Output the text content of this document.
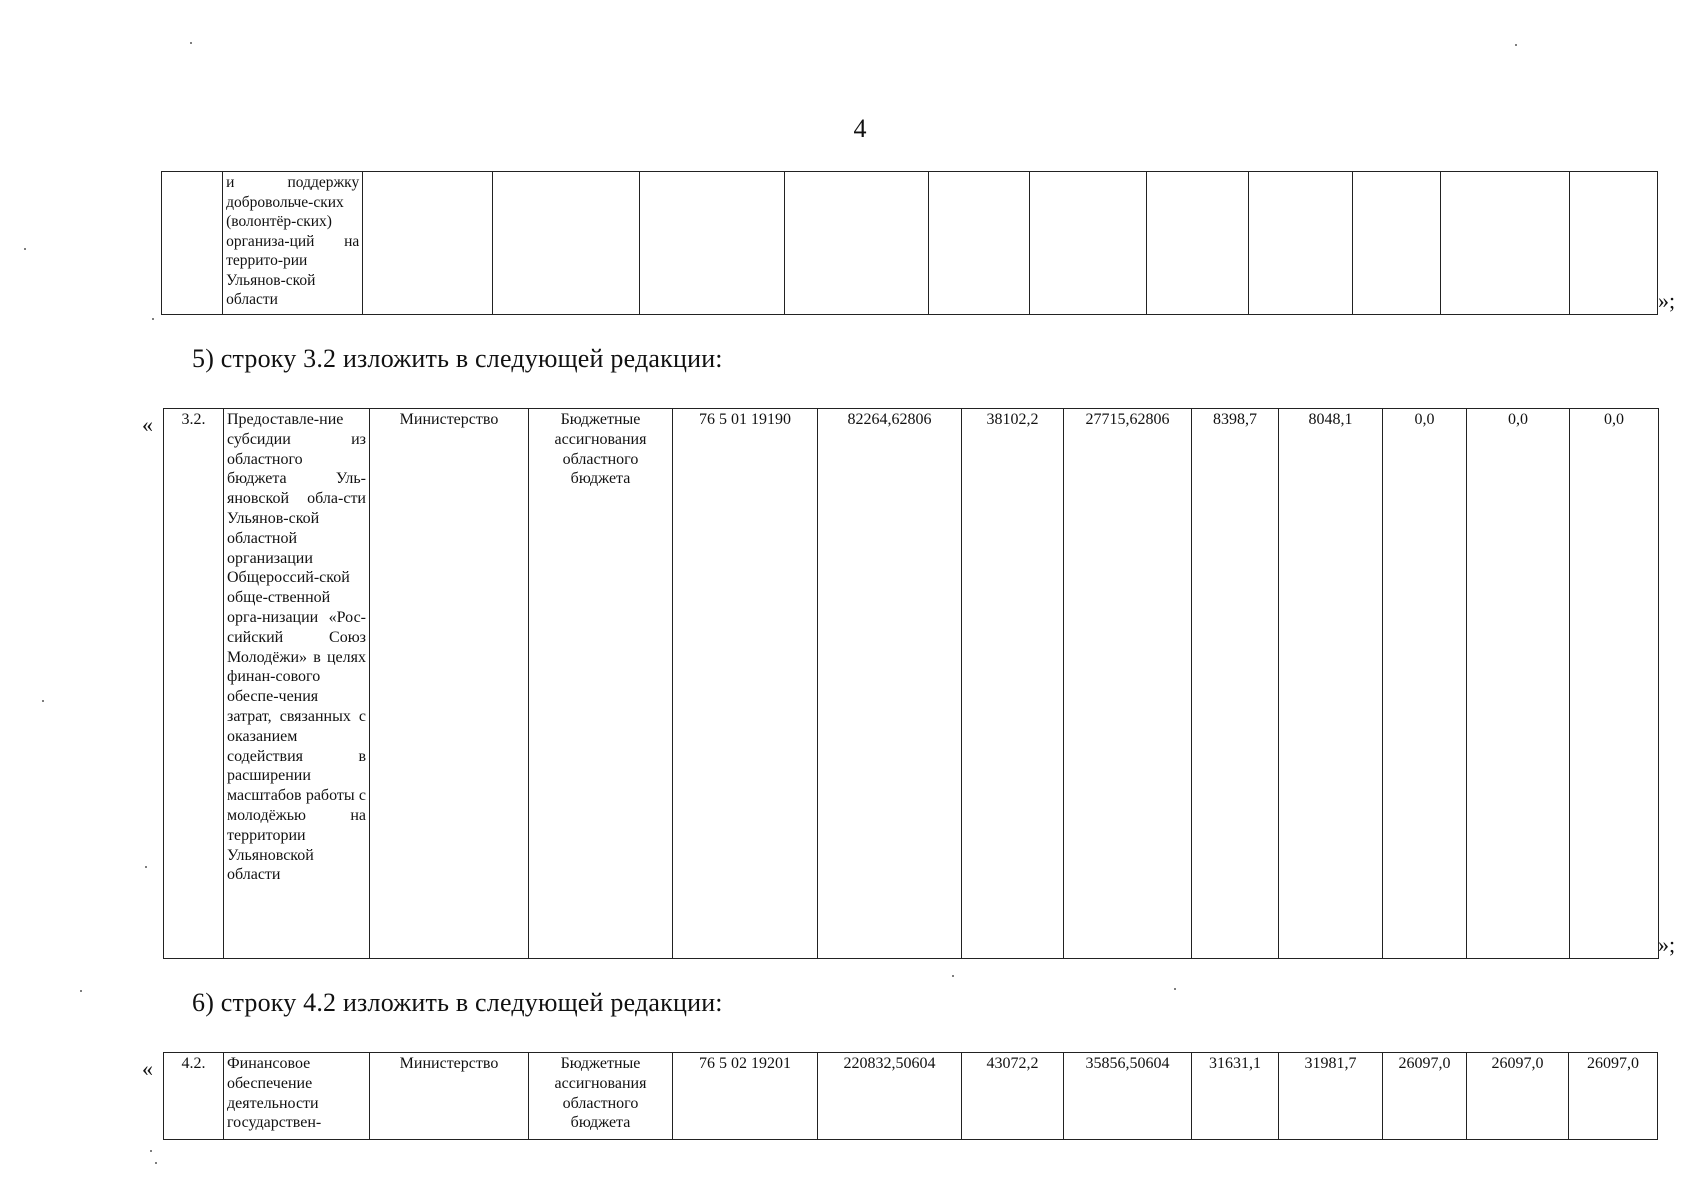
4
	и поддержку добровольче-ских (волонтёр-ских) организа-ций на террито-рии Ульянов-ской области												»;
5) строку 3.2 изложить в следующей редакции:
« 3.2.	Предоставле-ние субсидии из областного бюджета Уль-яновской обла-сти Ульянов-ской областной организации Общероссий-ской обще-ственной орга-низации «Рос-сийский Союз Молодёжи» в целях финан-сового обеспе-чения затрат, связанных с оказанием содействия в расширении масштабов работы с молодёжью на территории Ульяновской области	Министерство	Бюджетные ассигнования областного бюджета	76 5 01 19190	82264,62806	38102,2	27715,62806	8398,7	8048,1	0,0	0,0	0,0
»;
6) строку 4.2 изложить в следующей редакции:
« 4.2.	Финансовое обеспечение деятельности государствен-	Министерство	Бюджетные ассигнования областного бюджета	76 5 02 19201	220832,50604	43072,2	35856,50604	31631,1	31981,7	26097,0	26097,0	26097,0
